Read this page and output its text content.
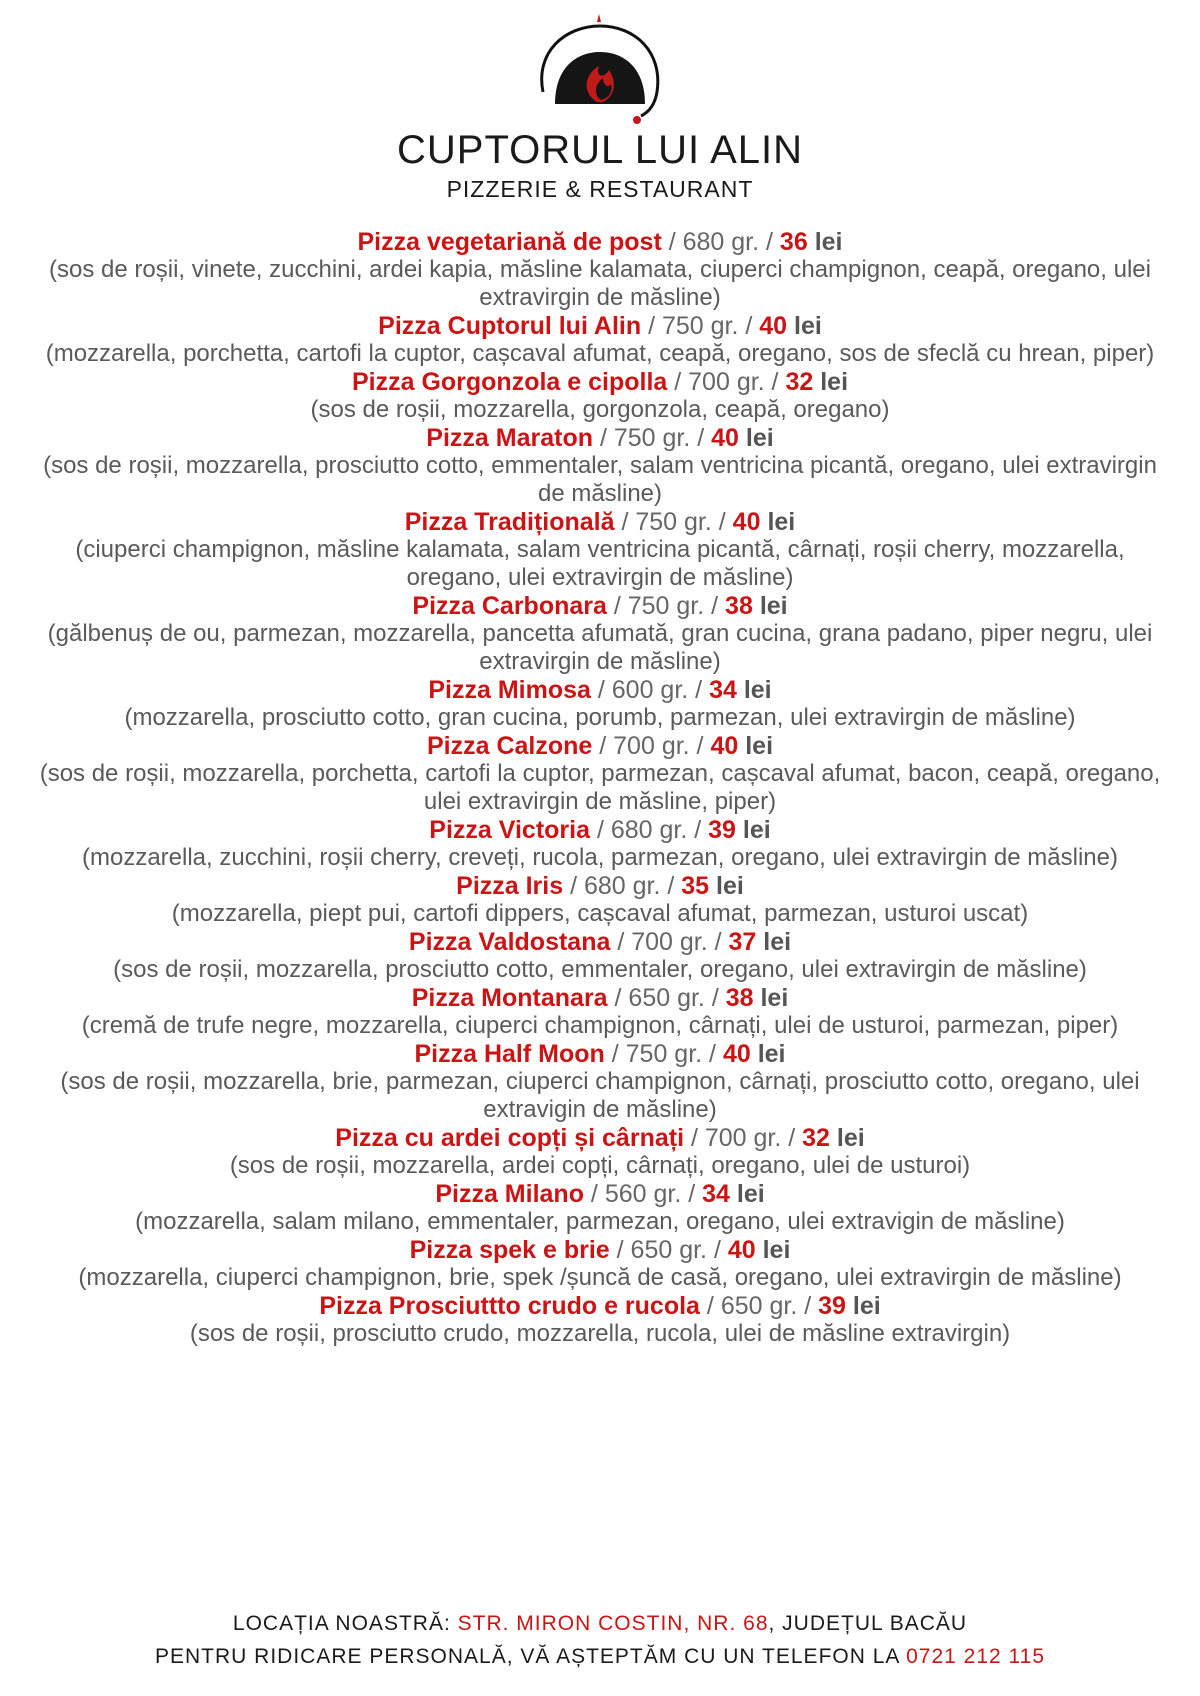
CUPTORUL LUI ALIN
PIZZERIE & RESTAURANT
Pizza vegetariană de post / 680 gr. / 36 lei
(sos de roșii, vinete, zucchini, ardei kapia, măsline kalamata, ciuperci champignon, ceapă, oregano, ulei extravirgin de măsline)
Pizza Cuptorul lui Alin / 750 gr. / 40 lei
(mozzarella, porchetta, cartofi la cuptor, cașcaval afumat, ceapă, oregano, sos de sfeclă cu hrean, piper)
Pizza Gorgonzola e cipolla / 700 gr. / 32 lei
(sos de roșii, mozzarella, gorgonzola, ceapă, oregano)
Pizza Maraton / 750 gr. / 40 lei
(sos de roșii, mozzarella, prosciutto cotto, emmentaler, salam ventricina picantă, oregano, ulei extravirgin de măsline)
Pizza Tradițională / 750 gr. / 40 lei
(ciuperci champignon, măsline kalamata, salam ventricina picantă, cârnați, roșii cherry, mozzarella, oregano, ulei extravirgin de măsline)
Pizza Carbonara / 750 gr. / 38 lei
(gălbenuș de ou, parmezan, mozzarella, pancetta afumată, gran cucina, grana padano, piper negru, ulei extravirgin de măsline)
Pizza Mimosa / 600 gr. / 34 lei
(mozzarella, prosciutto cotto, gran cucina, porumb, parmezan, ulei extravirgin de măsline)
Pizza Calzone / 700 gr. / 40 lei
(sos de roșii, mozzarella, porchetta, cartofi la cuptor, parmezan, cașcaval afumat, bacon, ceapă, oregano, ulei extravirgin de măsline, piper)
Pizza Victoria / 680 gr. / 39 lei
(mozzarella, zucchini, roșii cherry, creveți, rucola, parmezan, oregano, ulei extravirgin de măsline)
Pizza Iris / 680 gr. / 35 lei
(mozzarella, piept pui, cartofi dippers, cașcaval afumat, parmezan, usturoi uscat)
Pizza Valdostana / 700 gr. / 37 lei
(sos de roșii, mozzarella, prosciutto cotto, emmentaler, oregano, ulei extravirgin de măsline)
Pizza Montanara / 650 gr. / 38 lei
(cremă de trufe negre, mozzarella, ciuperci champignon, cârnați, ulei de usturoi, parmezan, piper)
Pizza Half Moon / 750 gr. / 40 lei
(sos de roșii, mozzarella, brie, parmezan, ciuperci champignon, cârnați, prosciutto cotto, oregano, ulei extravigin de măsline)
Pizza cu ardei copți și cârnați / 700 gr. / 32 lei
(sos de roșii, mozzarella, ardei copți, cârnați, oregano, ulei de usturoi)
Pizza Milano / 560 gr. / 34 lei
(mozzarella, salam milano, emmentaler, parmezan, oregano, ulei extravigin de măsline)
Pizza spek e brie / 650 gr. / 40 lei
(mozzarella, ciuperci champignon, brie, spek /șuncă de casă, oregano, ulei extravirgin de măsline)
Pizza Prosciuttto crudo e rucola / 650 gr. / 39 lei
(sos de roșii, prosciutto crudo, mozzarella, rucola, ulei de măsline extravirgin)
LOCAȚIA NOASTRĂ: STR. MIRON COSTIN, NR. 68, JUDEȚUL BACĂU
PENTRU RIDICARE PERSONALĂ, VĂ AȘTEPTĂM CU UN TELEFON LA 0721 212 115
